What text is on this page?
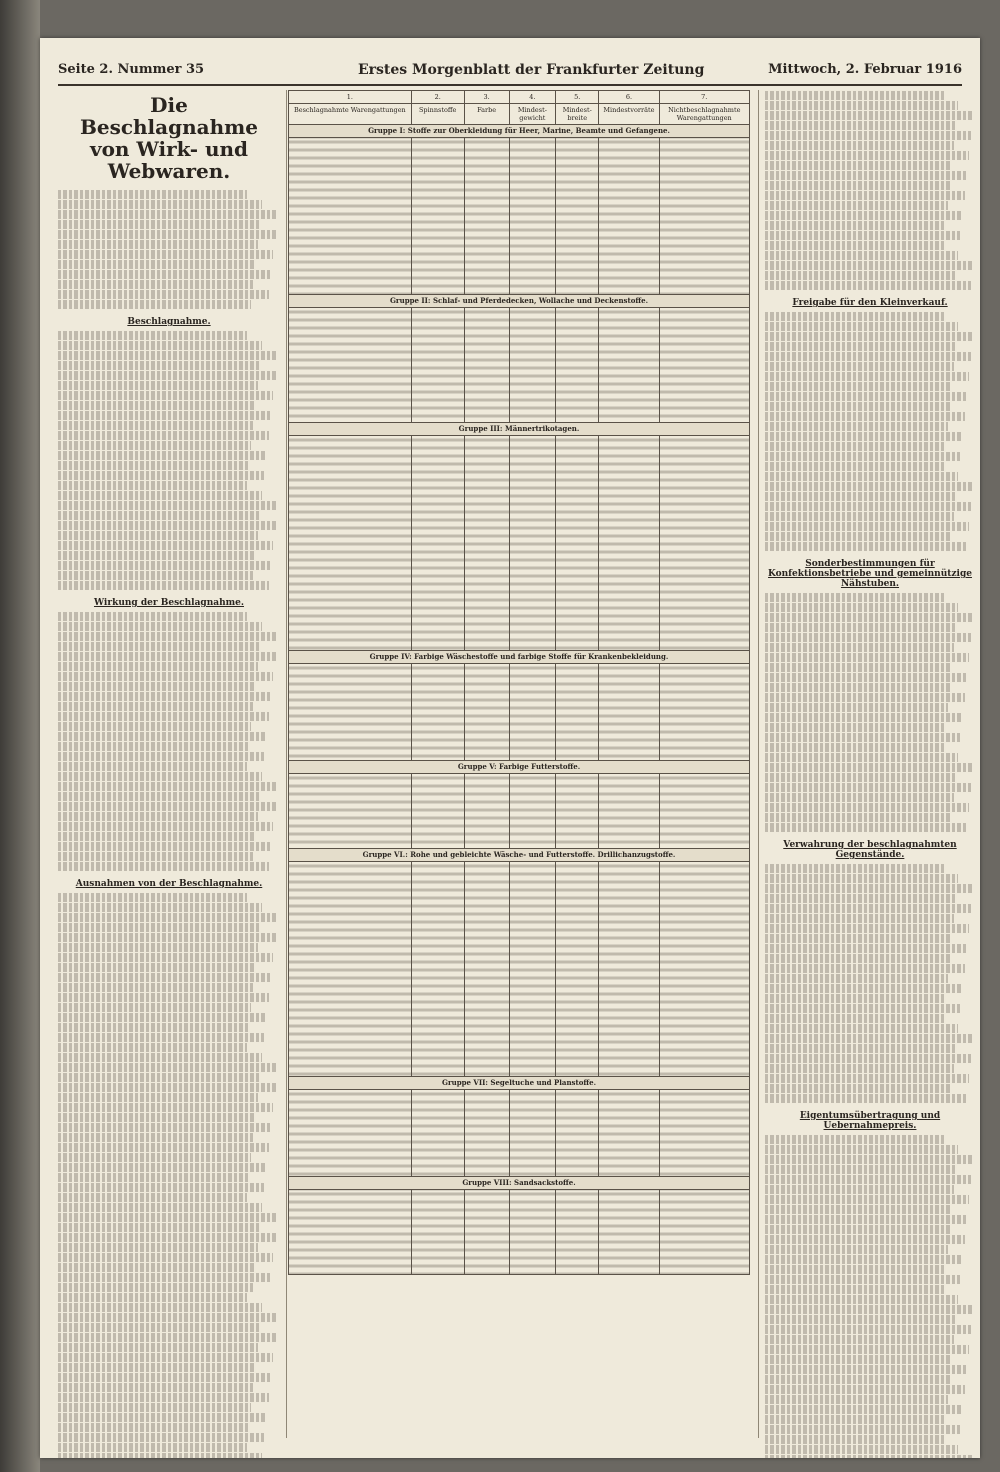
Seite 2. Nummer 35	Erstes Morgenblatt der Frankfurter Zeitung	Mittwoch, 2. Februar 1916
Die Beschlagnahme von Wirk- und Webwaren.
Beschlagnahme.
Wirkung der Beschlagnahme.
Ausnahmen von der Beschlagnahme.
1.	2.	3.	4.	5.	6.	7.
Beschlagnahmte Warengattungen	Spinnstoffe	Farbe	Mindest-gewicht	Mindest-breite	Mindestvorräte	Nichtbeschlagnahmte Warengattungen
Gruppe I: Stoffe zur Oberkleidung für Heer, Marine, Beamte und Gefangene.						

Gruppe II: Schlaf- und Pferdedecken, Wollache und Deckenstoffe.						

Gruppe III: Männertrikotagen.						

Gruppe IV: Farbige Wäschestoffe und farbige Stoffe für Krankenbekleidung.						

Gruppe V: Farbige Futterstoffe.						

Gruppe VI.: Rohe und gebleichte Wäsche- und Futterstoffe. Drillichanzugstoffe.						

Gruppe VII: Segeltuche und Planstoffe.						

Gruppe VIII: Sandsackstoffe.						

Freigabe für den Kleinverkauf.
Sonderbestimmungen für Konfektionsbetriebe und gemeinnützige Nähstuben.
Verwahrung der beschlagnahmten Gegenstände.
Eigentumsübertragung und Uebernahmepreis.
